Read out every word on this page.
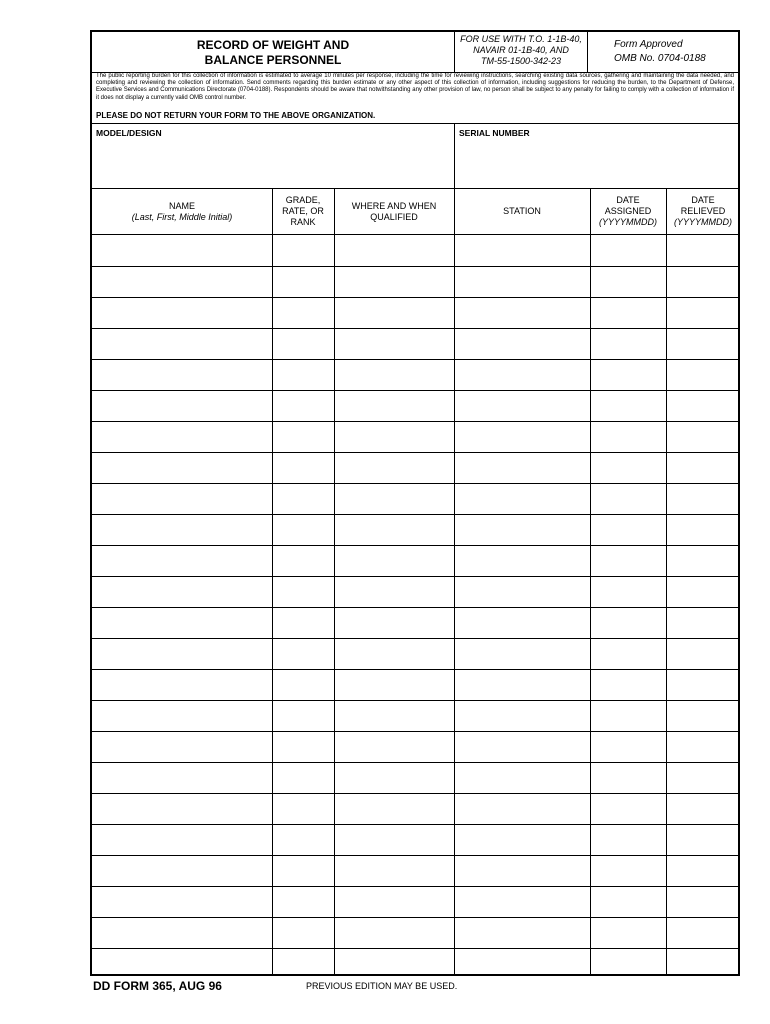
RECORD OF WEIGHT AND
BALANCE PERSONNEL
FOR USE WITH T.O. 1-1B-40,
NAVAIR 01-1B-40, AND
TM-55-1500-342-23
Form Approved
OMB No. 0704-0188
The public reporting burden for this collection of information is estimated to average 10 minutes per response, including the time for reviewing instructions, searching existing data sources, gathering and maintaining the data needed, and completing and reviewing the collection of information. Send comments regarding this burden estimate or any other aspect of this collection of information, including suggestions for reducing the burden, to the Department of Defense, Executive Services and Communications Directorate (0704-0188). Respondents should be aware that notwithstanding any other provision of law, no person shall be subject to any penalty for failing to comply with a collection of information if it does not display a currently valid OMB control number.
PLEASE DO NOT RETURN YOUR FORM TO THE ABOVE ORGANIZATION.
MODEL/DESIGN	SERIAL NUMBER
NAME
(Last, First, Middle Initial)
GRADE,
RATE, OR
RANK
WHERE AND WHEN
QUALIFIED
STATION
DATE
ASSIGNED
(YYYYMMDD)
DATE
RELIEVED
(YYYYMMDD)
DD FORM 365, AUG 96	PREVIOUS EDITION MAY BE USED.
